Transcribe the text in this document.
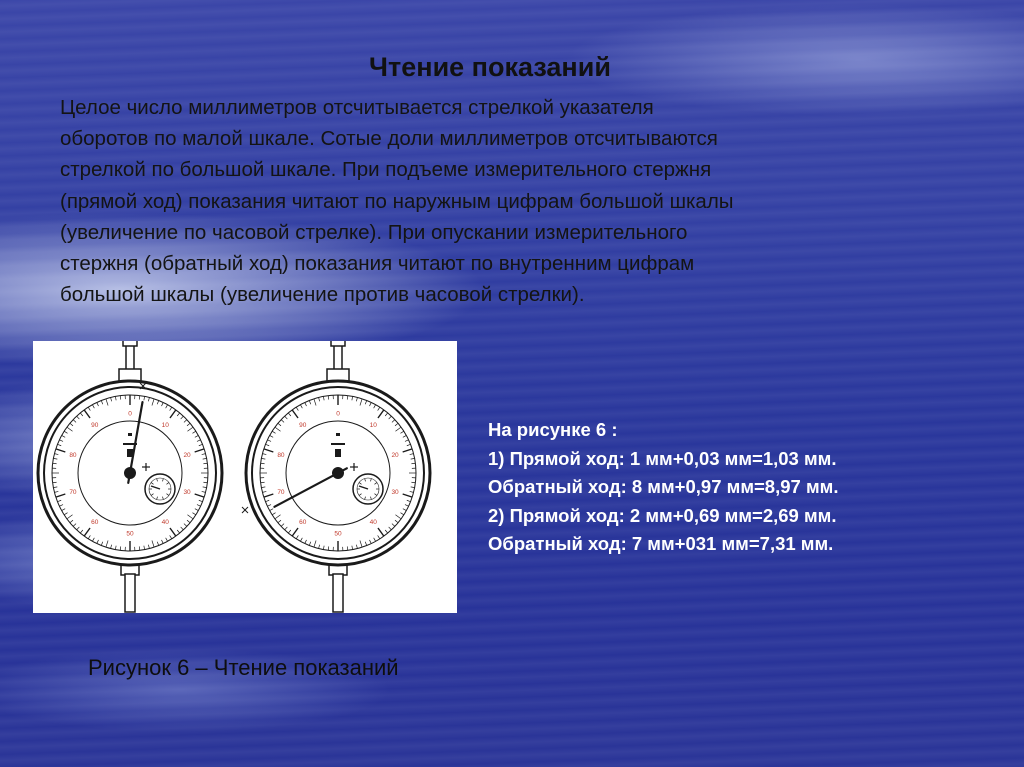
Чтение показаний
Целое число миллиметров отсчитывается стрелкой указателя
оборотов по малой шкале. Сотые доли миллиметров отсчитываются
стрелкой по большой шкале. При подъеме измерительного стержня
(прямой ход) показания читают по наружным цифрам большой шкалы
(увеличение по часовой стрелке). При опускании измерительного
стержня (обратный ход) показания читают по внутренним цифрам
большой шкалы (увеличение против часовой стрелки).
0
10
20
30
40
50
60
70
80
90
0
10
20
30
40
50
60
70
80
90	На рисунке 6 :
1) Прямой ход: 1 мм+0,03 мм=1,03 мм.
Обратный ход: 8 мм+0,97 мм=8,97 мм.
2) Прямой ход: 2 мм+0,69 мм=2,69 мм.
Обратный ход: 7 мм+031 мм=7,31 мм.
Рисунок 6 – Чтение показаний
